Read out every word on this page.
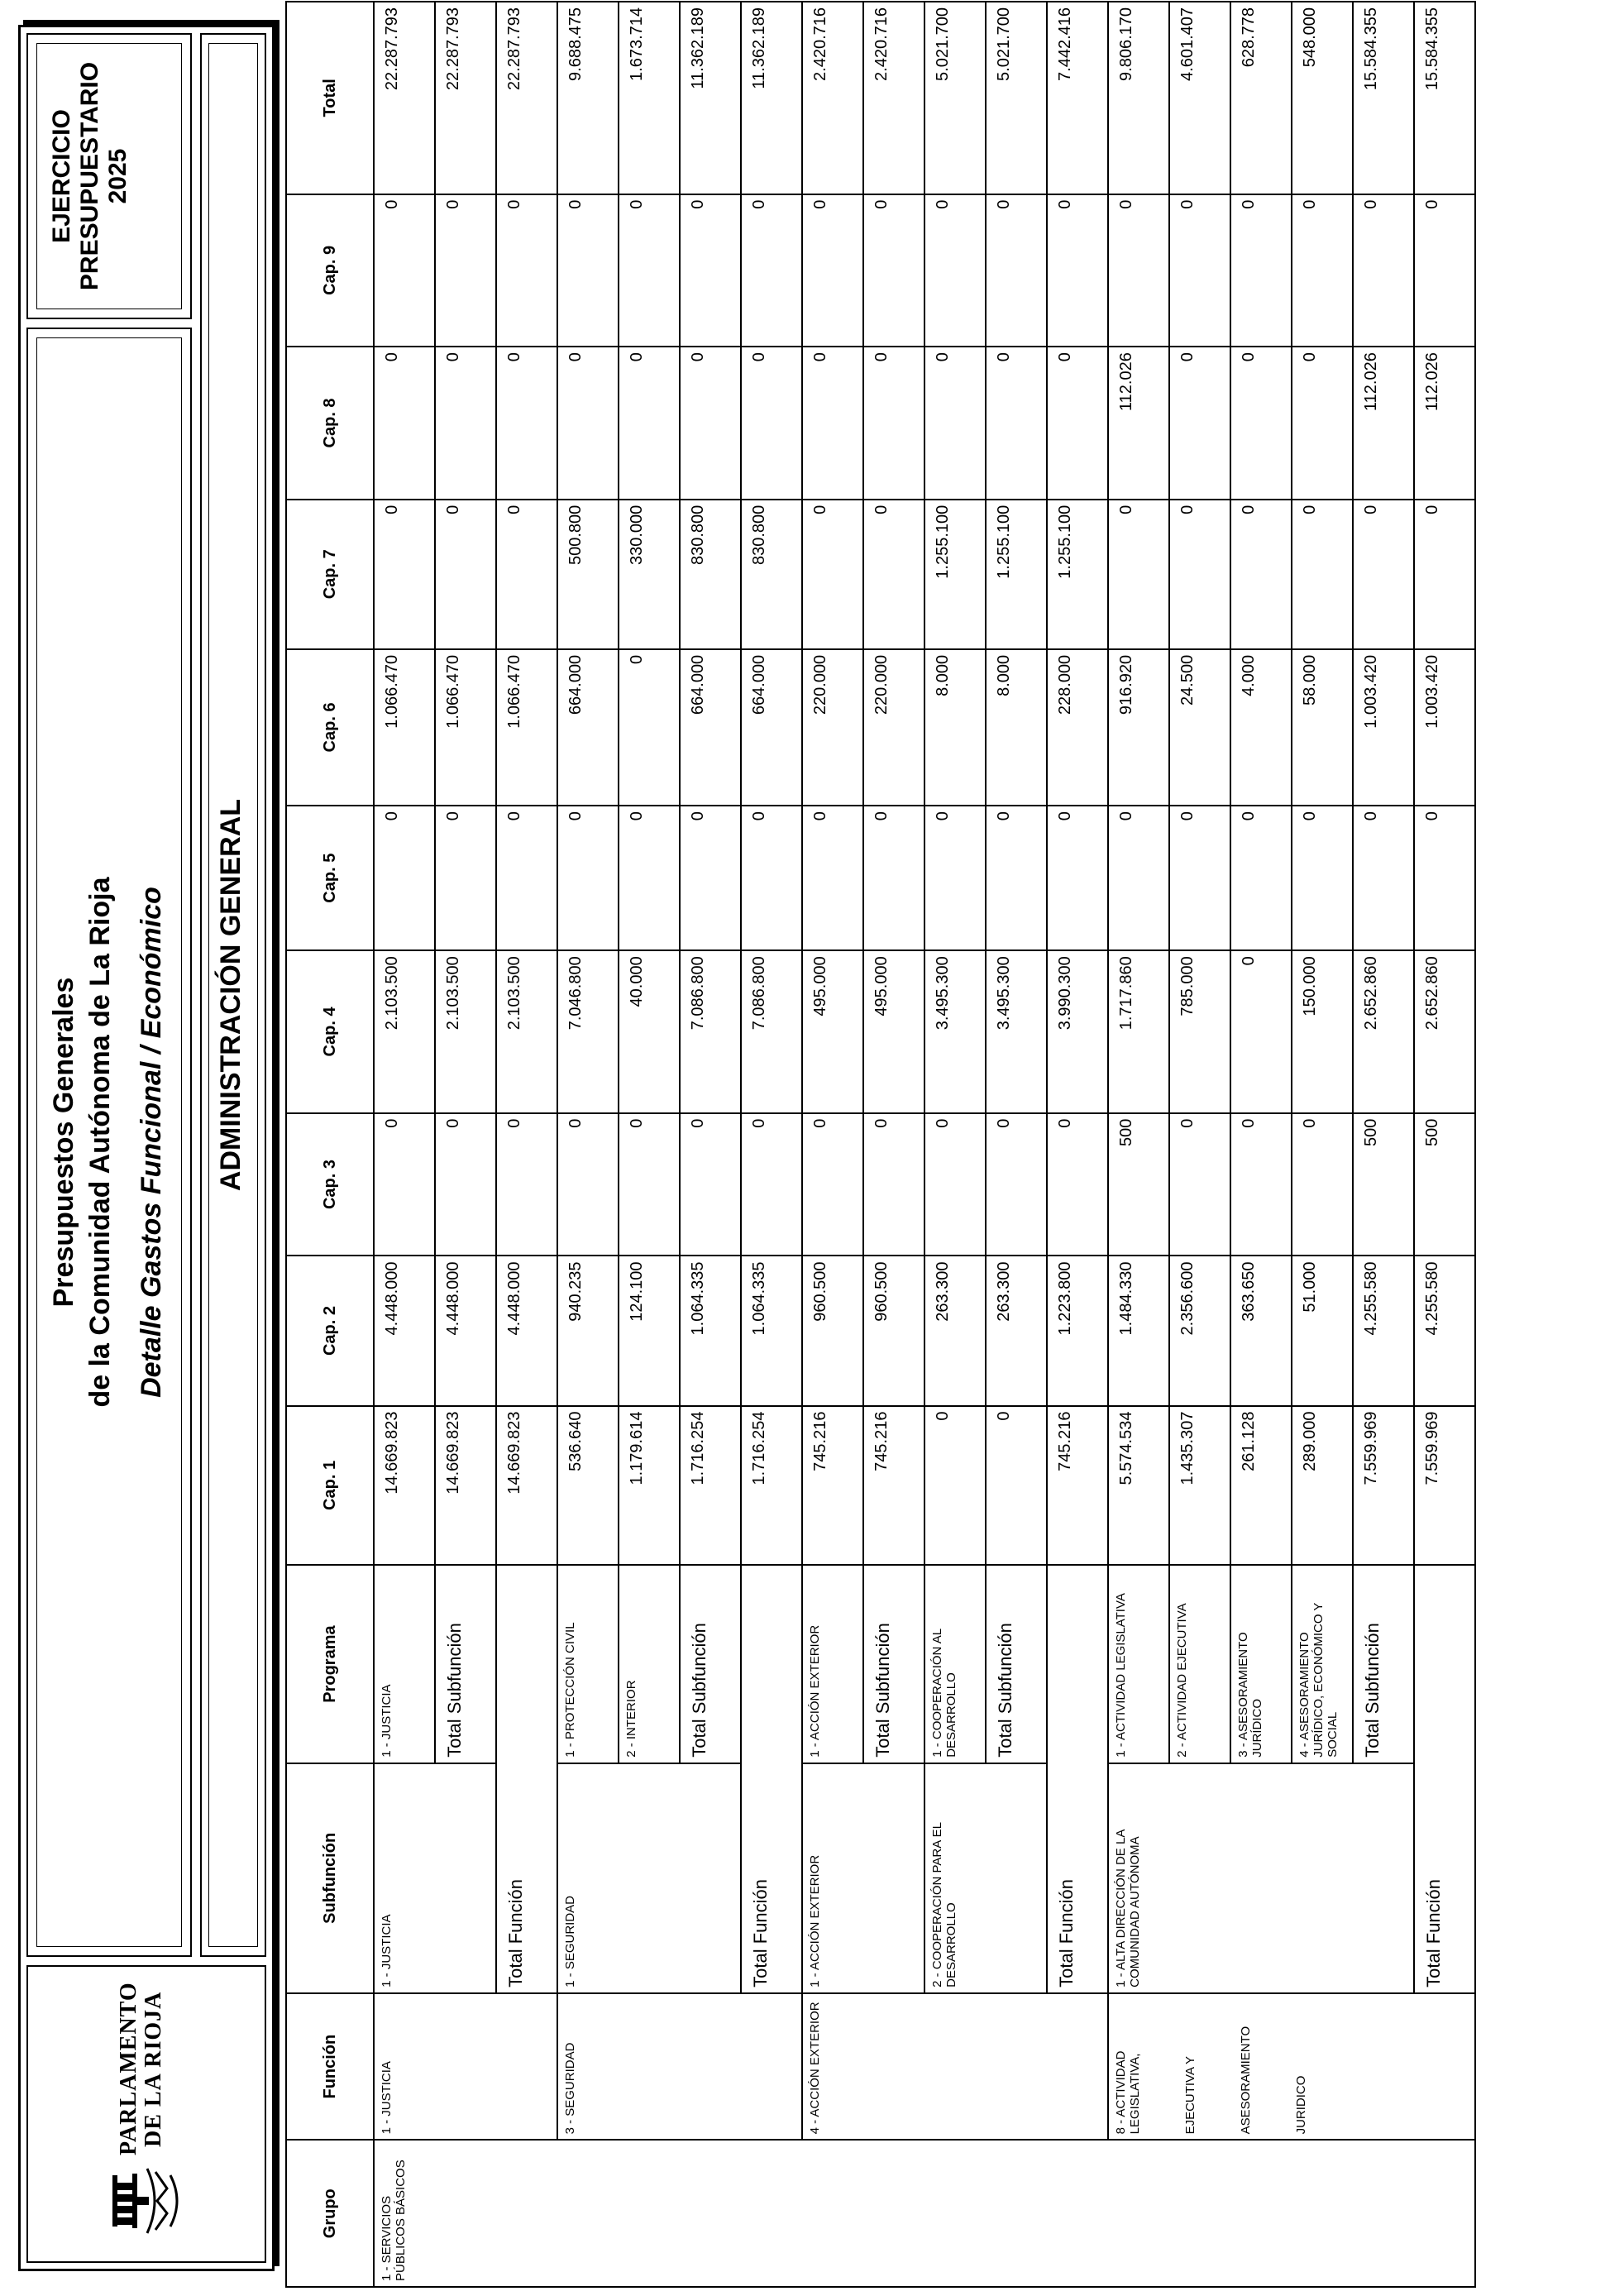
PARLAMENTO DE LA RIOJA
Presupuestos Generales de la Comunidad Autónoma de La Rioja Detalle Gastos Funcional / Económico
EJERCICIO PRESUPUESTARIO 2025
ADMINISTRACIÓN GENERAL
Grupo	Función	Subfunción	Programa	Cap. 1	Cap. 2	Cap. 3	Cap. 4	Cap. 5	Cap. 6	Cap. 7	Cap. 8	Cap. 9	Total
1 - SERVICIOS PÚBLICOS BÁSICOS	1 - JUSTICIA	1 - JUSTICIA	1 - JUSTICIA	14.669.823	4.448.000	0	2.103.500	0	1.066.470	0	0	0	22.287.793
			Total Subfunción	14.669.823	4.448.000	0	2.103.500	0	1.066.470	0	0	0	22.287.793
		Total Función		14.669.823	4.448.000	0	2.103.500	0	1.066.470	0	0	0	22.287.793
	3 - SEGURIDAD	1 - SEGURIDAD	1 - PROTECCIÓN CIVIL	536.640	940.235	0	7.046.800	0	664.000	500.800	0	0	9.688.475
			2 - INTERIOR	1.179.614	124.100	0	40.000	0	0	330.000	0	0	1.673.714
			Total Subfunción	1.716.254	1.064.335	0	7.086.800	0	664.000	830.800	0	0	11.362.189
		Total Función		1.716.254	1.064.335	0	7.086.800	0	664.000	830.800	0	0	11.362.189
	4 - ACCIÓN EXTERIOR	1 - ACCIÓN EXTERIOR	1 - ACCIÓN EXTERIOR	745.216	960.500	0	495.000	0	220.000	0	0	0	2.420.716
			Total Subfunción	745.216	960.500	0	495.000	0	220.000	0	0	0	2.420.716
		2 - COOPERACIÓN PARA EL DESARROLLO	1 - COOPERACIÓN AL DESARROLLO	0	263.300	0	3.495.300	0	8.000	1.255.100	0	0	5.021.700
			Total Subfunción	0	263.300	0	3.495.300	0	8.000	1.255.100	0	0	5.021.700
		Total Función		745.216	1.223.800	0	3.990.300	0	228.000	1.255.100	0	0	7.442.416

	8 - ACTIVIDAD LEGISLATIVA, EJECUTIVA Y ASESORAMIENTO JURIDICO	1 - ALTA DIRECCIÓN DE LA COMUNIDAD AUTÓNOMA	1 - ACTIVIDAD LEGISLATIVA	5.574.534	1.484.330	500	1.717.860	0	916.920	0	112.026	0	9.806.170
			2 - ACTIVIDAD EJECUTIVA	1.435.307	2.356.600	0	785.000	0	24.500	0	0	0	4.601.407
			3 - ASESORAMIENTO JURÍDICO	261.128	363.650	0	0	0	4.000	0	0	0	628.778
			4 - ASESORAMIENTO JURÍDICO, ECONÓMICO Y SOCIAL	289.000	51.000	0	150.000	0	58.000	0	0	0	548.000
			Total Subfunción	7.559.969	4.255.580	500	2.652.860	0	1.003.420	0	112.026	0	15.584.355
		Total Función		7.559.969	4.255.580	500	2.652.860	0	1.003.420	0	112.026	0	15.584.355
